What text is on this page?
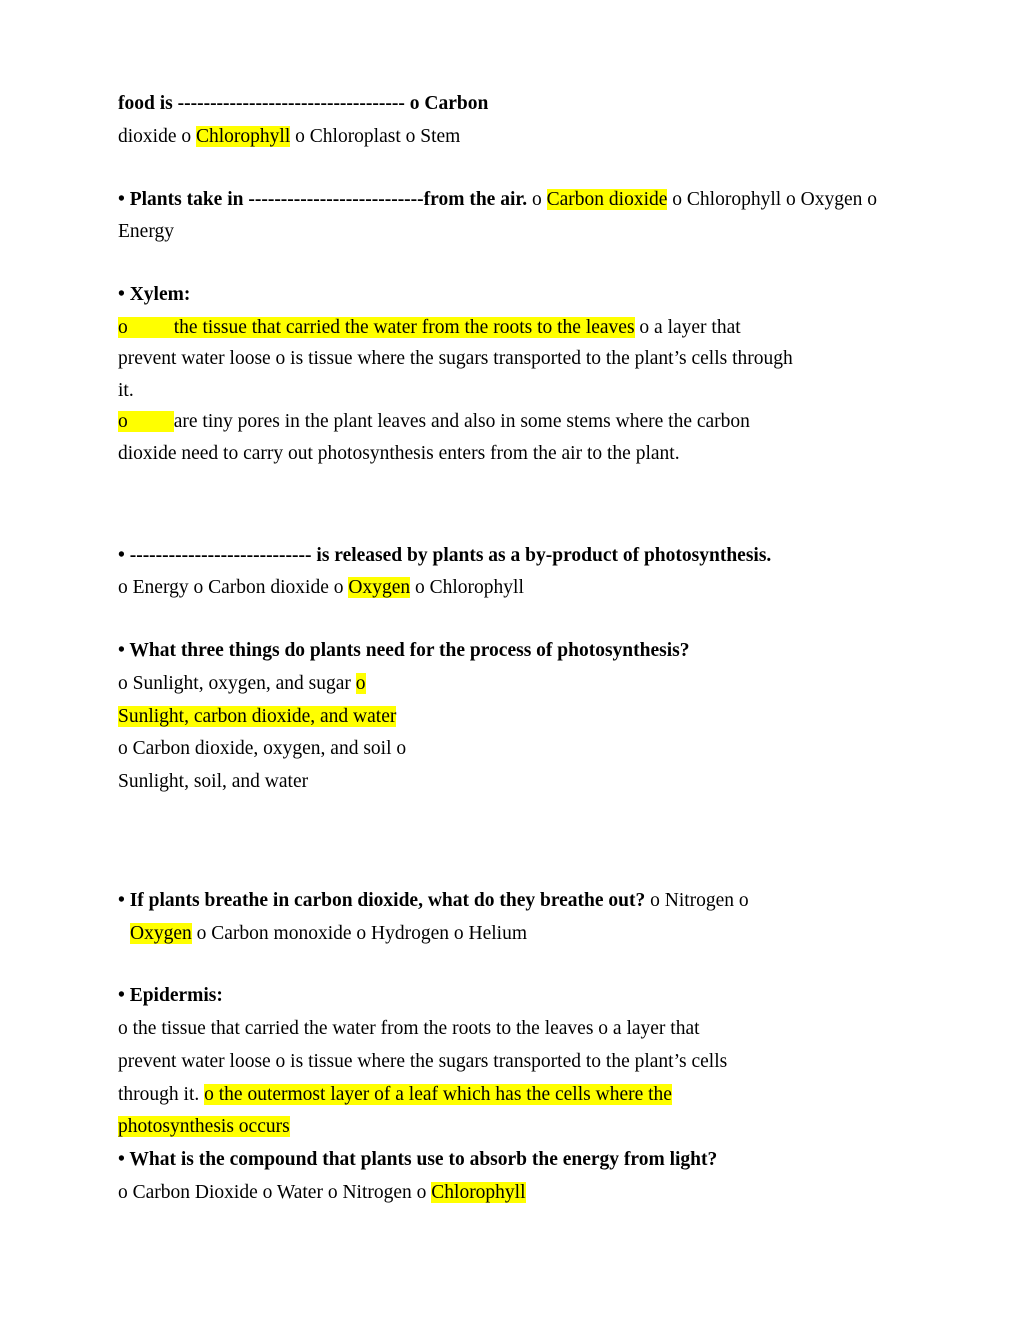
food is ----------------------------------- o Carbon

dioxide o Chlorophyll o Chloroplast o Stem

• Plants take in ---------------------------from the air. o Carbon dioxide o Chlorophyll o Oxygen o Energy

• Xylem:

o the tissue that carried the water from the roots to the leaves o a layer that

prevent water loose o is tissue where the sugars transported to the plant’s cells through

it.

o are tiny pores in the plant leaves and also in some stems where the carbon

dioxide need to carry out photosynthesis enters from the air to the plant.

• ---------------------------- is released by plants as a by-product of photosynthesis.

o Energy o Carbon dioxide o Oxygen o Chlorophyll

• What three things do plants need for the process of photosynthesis?

o Sunlight, oxygen, and sugar o

Sunlight, carbon dioxide, and water

o Carbon dioxide, oxygen, and soil o

Sunlight, soil, and water

• If plants breathe in carbon dioxide, what do they breathe out? o Nitrogen o

Oxygen o Carbon monoxide o Hydrogen o Helium

• Epidermis:

o the tissue that carried the water from the roots to the leaves o a layer that

prevent water loose o is tissue where the sugars transported to the plant’s cells

through it. o the outermost layer of a leaf which has the cells where the

photosynthesis occurs

• What is the compound that plants use to absorb the energy from light?

o Carbon Dioxide o Water o Nitrogen o Chlorophyll
